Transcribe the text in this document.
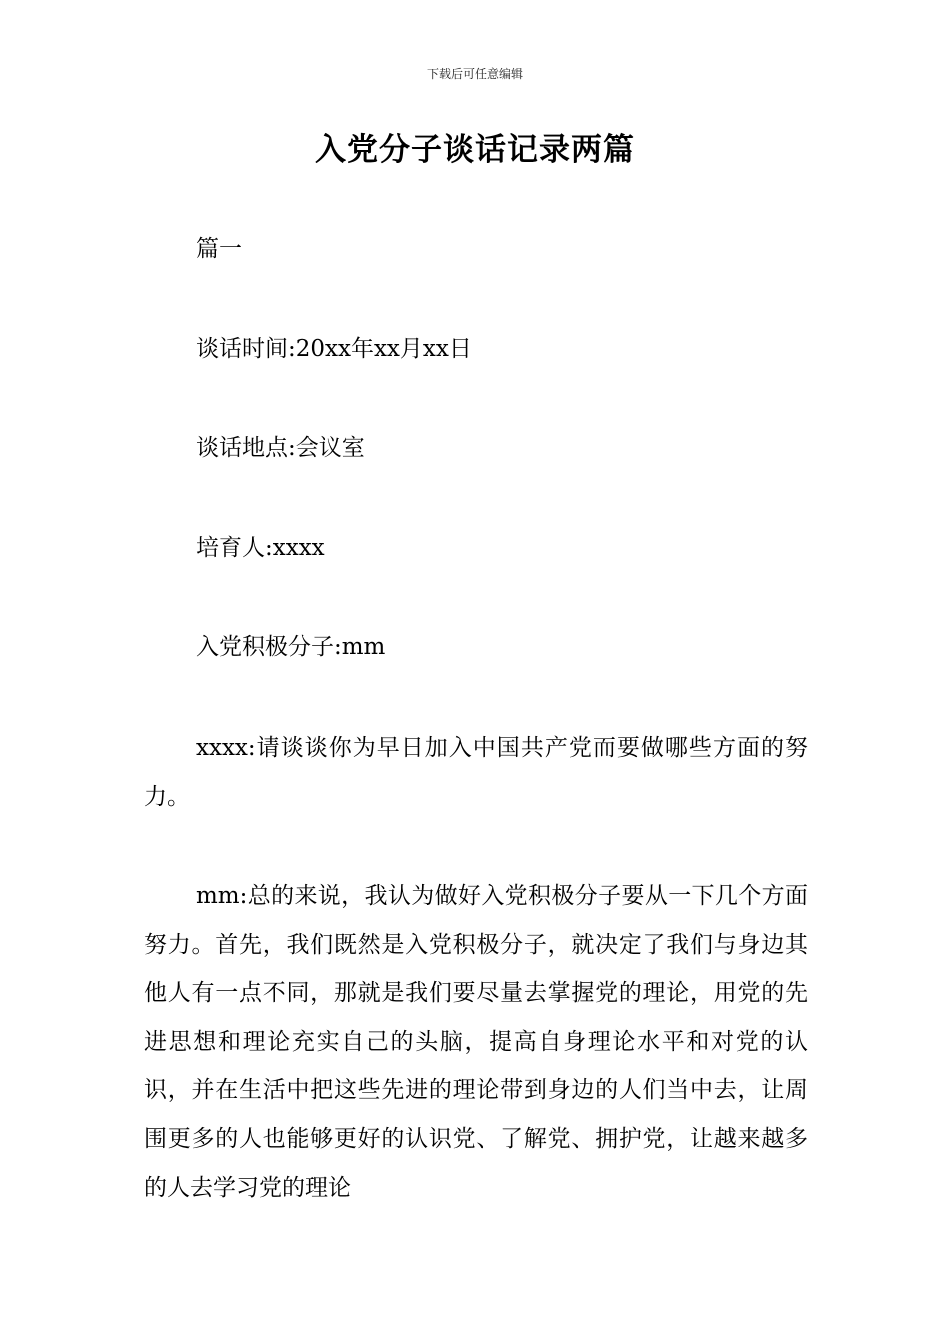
下载后可任意编辑
入党分子谈话记录两篇
篇一
谈话时间:20xx年xx月xx日
谈话地点:会议室
培育人:xxxx
入党积极分子:mm
xxxx:请谈谈你为早日加入中国共产党而要做哪些方面的努力。
mm:总的来说，我认为做好入党积极分子要从一下几个方面努力。首先，我们既然是入党积极分子，就决定了我们与身边其他人有一点不同，那就是我们要尽量去掌握党的理论，用党的先进思想和理论充实自己的头脑，提高自身理论水平和对党的认识，并在生活中把这些先进的理论带到身边的人们当中去，让周围更多的人也能够更好的认识党、了解党、拥护党，让越来越多的人去学习党的理论
